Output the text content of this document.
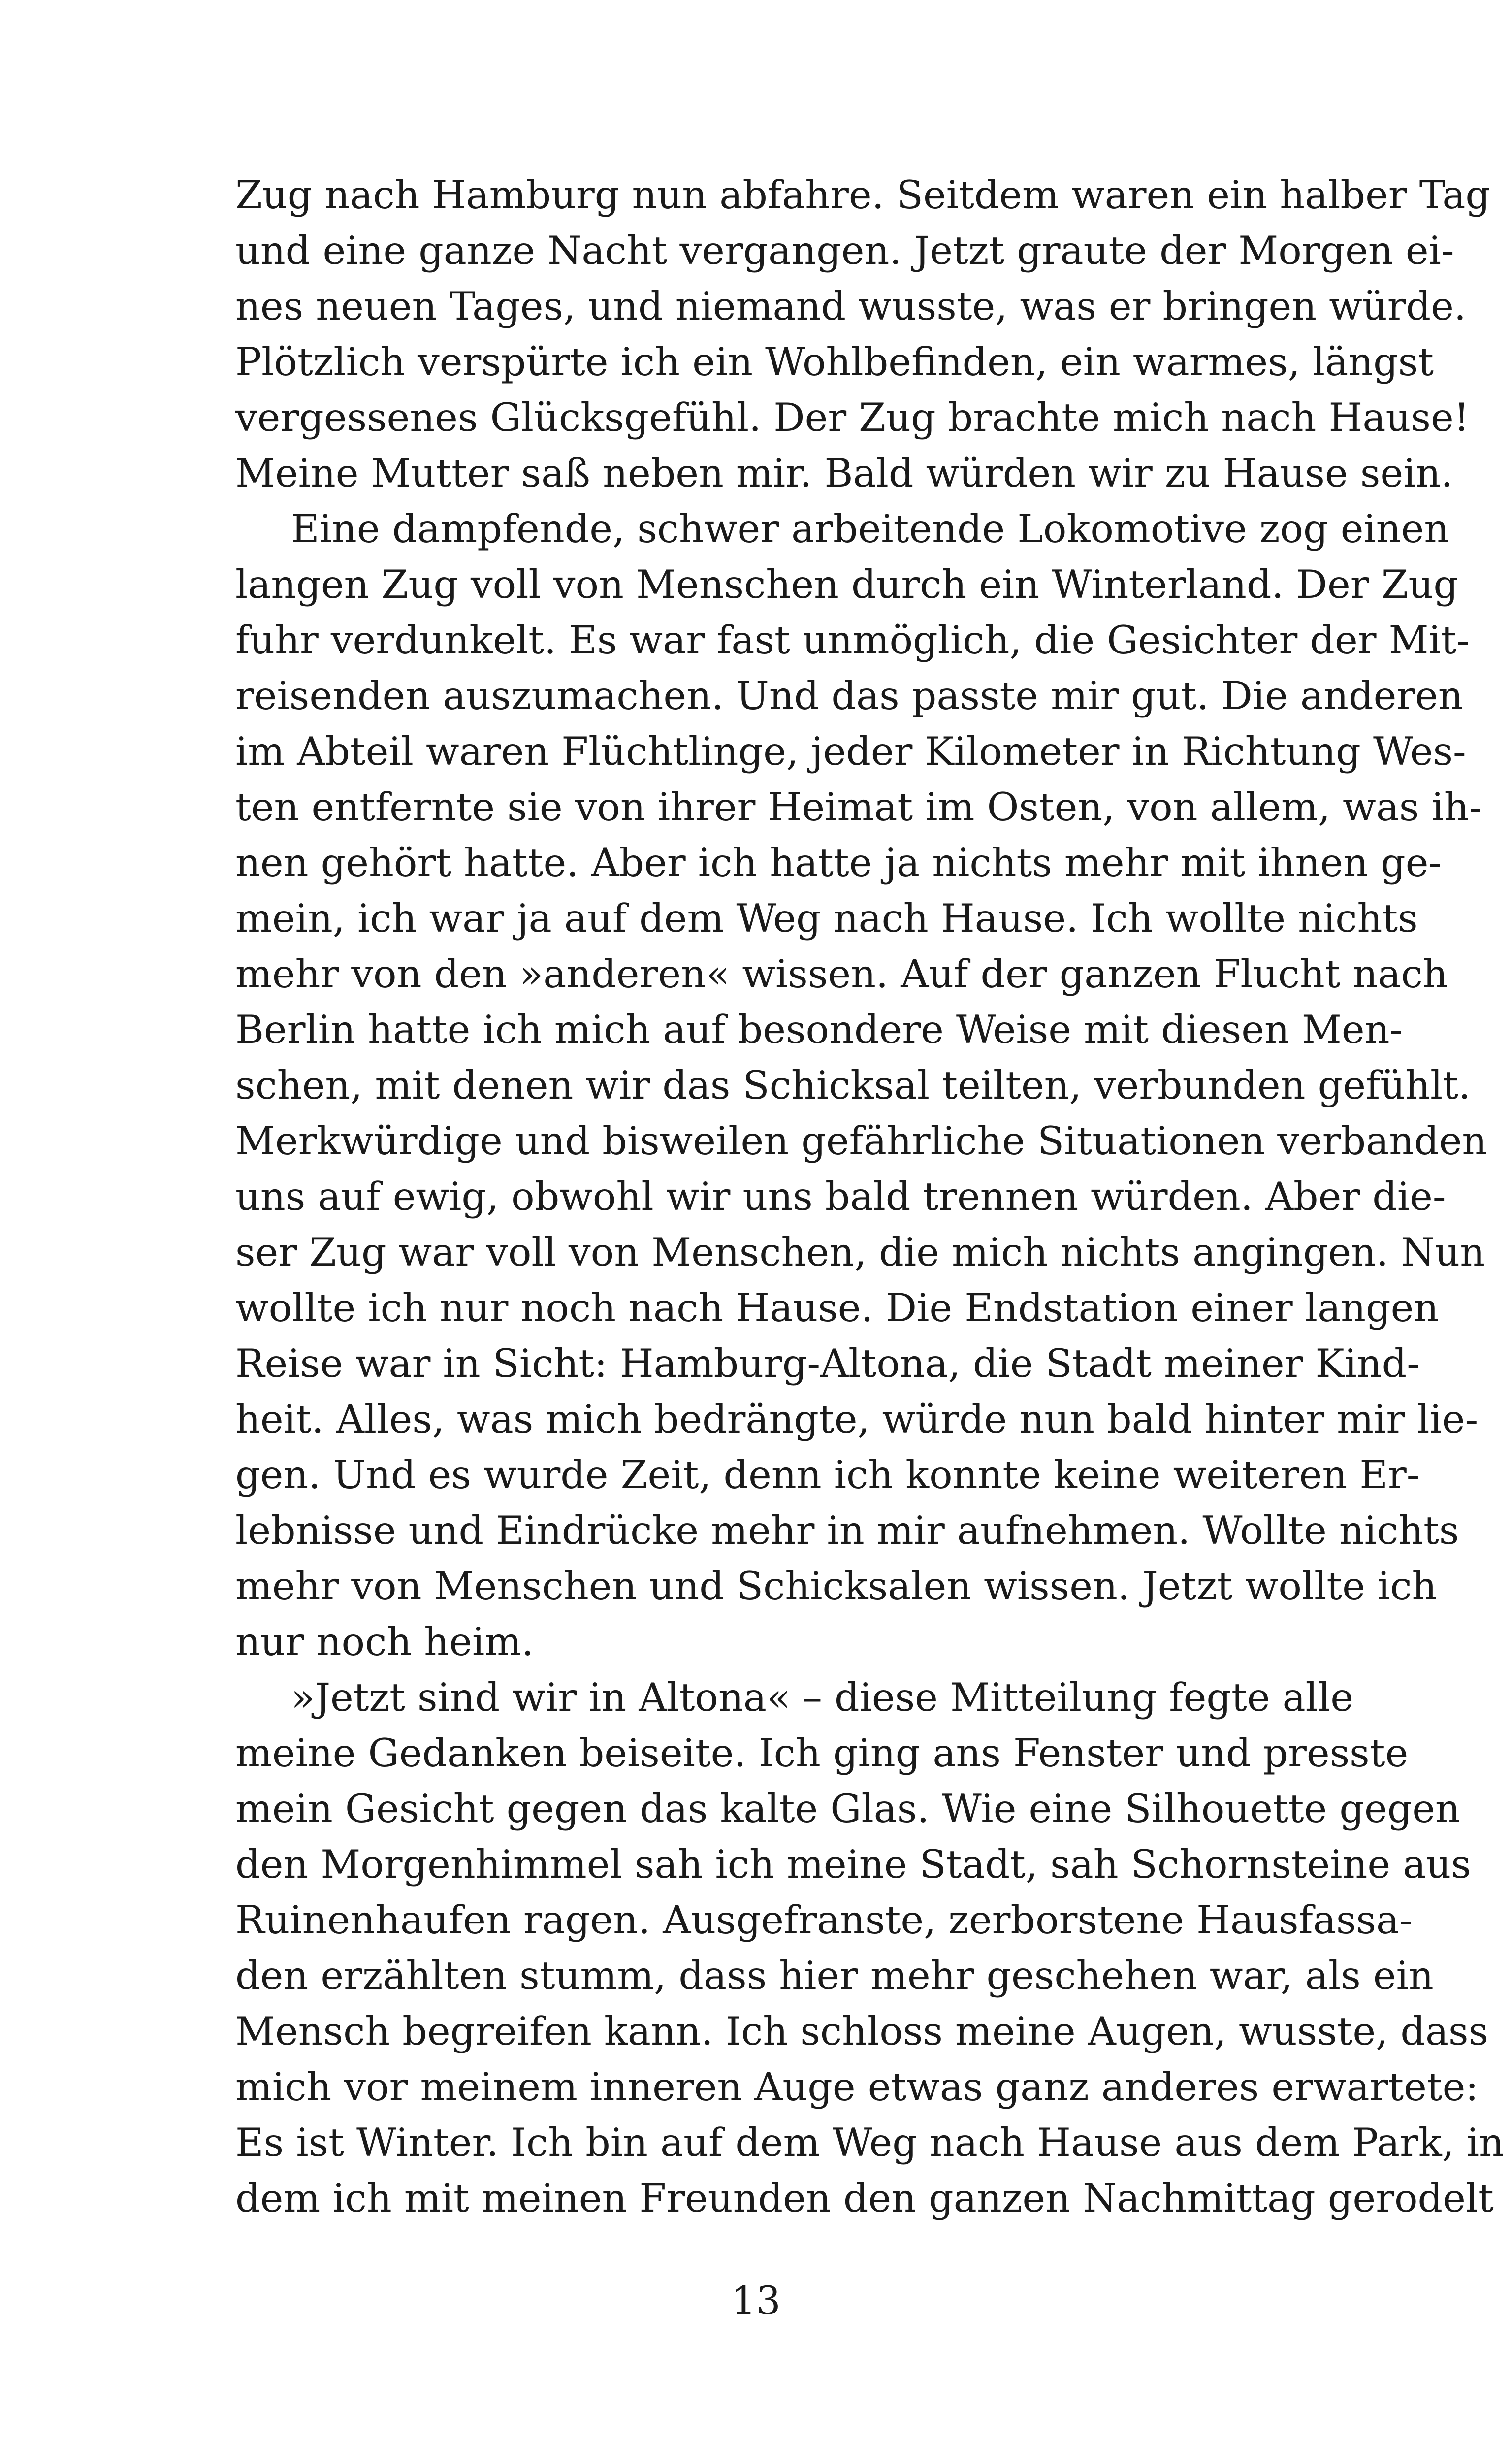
Zug nach Hamburg nun abfahre. Seitdem waren ein halber Tag
und eine ganze Nacht vergangen. Jetzt graute der Morgen ei-
nes neuen Tages, und niemand wusste, was er bringen würde.
Plötzlich verspürte ich ein Wohlbefinden, ein warmes, längst
vergessenes Glücksgefühl. Der Zug brachte mich nach Hause!
Meine Mutter saß neben mir. Bald würden wir zu Hause sein.
Eine dampfende, schwer arbeitende Lokomotive zog einen
langen Zug voll von Menschen durch ein Winterland. Der Zug
fuhr verdunkelt. Es war fast unmöglich, die Gesichter der Mit-
reisenden auszumachen. Und das passte mir gut. Die anderen
im Abteil waren Flüchtlinge, jeder Kilometer in Richtung Wes-
ten entfernte sie von ihrer Heimat im Osten, von allem, was ih-
nen gehört hatte. Aber ich hatte ja nichts mehr mit ihnen ge-
mein, ich war ja auf dem Weg nach Hause. Ich wollte nichts
mehr von den »anderen« wissen. Auf der ganzen Flucht nach
Berlin hatte ich mich auf besondere Weise mit diesen Men-
schen, mit denen wir das Schicksal teilten, verbunden gefühlt.
Merkwürdige und bisweilen gefährliche Situationen verbanden
uns auf ewig, obwohl wir uns bald trennen würden. Aber die-
ser Zug war voll von Menschen, die mich nichts angingen. Nun
wollte ich nur noch nach Hause. Die Endstation einer langen
Reise war in Sicht: Hamburg-Altona, die Stadt meiner Kind-
heit. Alles, was mich bedrängte, würde nun bald hinter mir lie-
gen. Und es wurde Zeit, denn ich konnte keine weiteren Er-
lebnisse und Eindrücke mehr in mir aufnehmen. Wollte nichts
mehr von Menschen und Schicksalen wissen. Jetzt wollte ich
nur noch heim.
»Jetzt sind wir in Altona« – diese Mitteilung fegte alle
meine Gedanken beiseite. Ich ging ans Fenster und presste
mein Gesicht gegen das kalte Glas. Wie eine Silhouette gegen
den Morgenhimmel sah ich meine Stadt, sah Schornsteine aus
Ruinenhaufen ragen. Ausgefranste, zerborstene Hausfassa-
den erzählten stumm, dass hier mehr geschehen war, als ein
Mensch begreifen kann. Ich schloss meine Augen, wusste, dass
mich vor meinem inneren Auge etwas ganz anderes erwartete:
Es ist Winter. Ich bin auf dem Weg nach Hause aus dem Park, in
dem ich mit meinen Freunden den ganzen Nachmittag gerodelt
13
